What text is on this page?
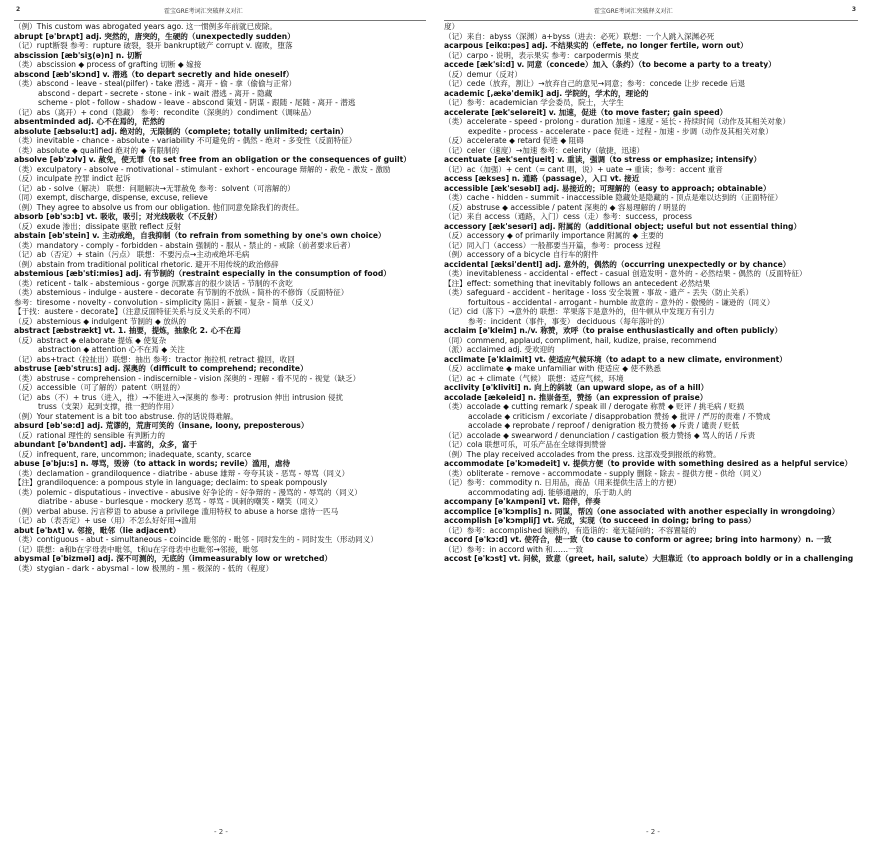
2	霍宝GRE考词汇突破释义对汇	霍宝GRE考词汇突破释义对汇	3
（例）This custom was abrogated years ago. 这一惯例多年前就已废除。
abrupt [ə'brʌpt] adj. 突然的，唐突的，生硬的（unexpectedly sudden）
（记）rupt断裂 参考：rupture 破裂，裂开 bankrupt破产 corrupt v. 腐败，堕落
abscission [æb'siʒ(ə)n] n. 切断
（类）abscission ◆ process of grafting 切断 ◆ 嫁接
abscond [æb'skɔnd] v. 潜逃（to depart secretly and hide oneself）
（类）abscond - leave - steal(pilfer) - take 潜逃 - 离开 - 偷 - 拿（偷偷与正常）
abscond - depart - secrete - stone - ink - wait 潜逃 - 离开 - 隐藏
scheme - plot - follow - shadow - leave - abscond 策划 - 阴谋 - 跟随 - 尾随 - 离开 - 潜逃
（记）abs（离开）+ cond（隐藏） 参考：recondite（深奥的）condiment（调味品）
absentminded adj. 心不在焉的，茫然的
absolute [æbsəlu:t] adj. 绝对的，无限制的（complete; totally unlimited; certain）
（类）inevitable - chance - absolute - variability 不可避免的 - 偶然 - 绝对 - 多变性（反面特征）
（类）absolute ◆ qualified 绝对的 ◆ 有限制的
absolve [əb'zɔlv] v. 赦免，使无罪（to set free from an obligation or the consequences of guilt）
（类）exculpatory - absolve - motivational - stimulant - exhort - encourage 辩解的 - 赦免 - 激发 - 激励
（反）inculpate 控罪 indict 起诉
（记）ab - solve（解决） 联想：问题解决→无罪赦免 参考：solvent（可溶解的）
（同）exempt, discharge, dispense, excuse, relieve
（例）They agree to absolve us from our obligation. 他们同意免除我们的责任。
absorb [əb'sɔ:b] vt. 吸收，吸引；对光线吸收（不反射）
（反）exude 渗出；dissipate 驱散 reflect 反射
abstain [əb'stein] v. 主动戒绝，自我抑制（to refrain from something by one's own choice）
（类）mandatory - comply - forbidden - abstain 强制的 - 服从 - 禁止的 - 戒除（前者要求后者）
（记）ab（否定）+ stain（污点） 联想：不要污点→主动戒绝坏毛病
（例）abstain from traditional political rhetoric. 避开不用传统的政治修辞
abstemious [æb'sti:miəs] adj. 有节制的（restraint especially in the consumption of food）
（类）reticent - talk - abstemious - gorge 沉默寡言的很少谈话 - 节制的不贪吃
（类）abstemious - indulge - austere - decorate 有节制的不放纵 - 简朴的不修饰（反面特征）
参考：tiresome - novelty - convolution - simplicity 陈旧 - 新颖 - 复杂 - 简单（反义）
【于找：austere - decorate】（注意反面特征关系与反义关系的不同）
（反）abstemious ◆ indulgent 节制的 ◆ 放纵的
abstract [æbstrækt] vt. 1. 抽要，提炼，抽象化 2. 心不在焉
（反）abstract ◆ elaborate 提炼 ◆ 使复杂
abstraction ◆ attention 心不在焉 ◆ 关注
（记）abs+tract（拉扯出）联想：抽出 参考：tractor 拖拉机 retract 撤回，收回
abstruse [æb'stru:s] adj. 深奥的（difficult to comprehend; recondite）
（类）abstruse - comprehension - indiscernible - vision 深奥的 - 理解 - 看不见的 - 视觉（缺乏）
（反）accessible（可了解的）patent（明显的）
（记）abs（不）+ trus（进入，推）→不能进入→深奥的 参考：protrusion 伸出 intrusion 侵扰
truss（支架）起到支撑，推一把的作用）
（例）Your statement is a bit too abstruse. 你的话说得难解。
absurd [əb'sə:d] adj. 荒谬的，荒唐可笑的（insane, loony, preposterous）
（反）rational 理性的 sensible 有判断力的
abundant [ə'bʌndənt] adj. 丰富的，众多，富于
（反）infrequent, rare, uncommon; inadequate, scanty, scarce
abuse [ə'bju:s] n. 辱骂，毁谤（to attack in words; revile）滥用，虐待
（类）declamation - grandiloquence - diatribe - abuse 雄辩 - 夸夸其谈 - 恶骂 - 辱骂（同义）
【注】grandiloquence: a pompous style in language; declaim: to speak pompously
（类）polemic - disputatious - invective - abusive 好争论的 - 好争辩的 - 漫骂的 - 辱骂的（同义）
diatribe - abuse - burlesque - mockery 恶骂 - 辱骂 - 讽刺的嘲笑 - 嘲笑（同义）
（例）verbal abuse. 污言秽语 to abuse a privilege 滥用特权 to abuse a horse 虐待一匹马
（记）ab（表否定）+ use（用）不怎么好好用→滥用
abut [ə'bʌt] v. 邻接，毗邻（lie adjacent）
（类）contiguous - abut - simultaneous - coincide 毗邻的 - 毗邻 - 同时发生的 - 同时发生（形动同义）
（记）联想：a和b在字母表中毗邻，t和u在字母表中也毗邻→邻接，毗邻
abysmal [ə'bizməl] adj. 深不可测的，无底的（immeasurably low or wretched）
（类）stygian - dark - abysmal - low 极黑的 - 黑 - 极深的 - 低的（程度）
度）
（记）来自：abyss（深渊）a+byss（进去：必死）联想：一个人跳入深渊必死
acarpous [eikɑ:pəs] adj. 不结果实的（effete, no longer fertile, worn out）
（记）carpo - 说明，表示果实 参考：carpodermis 果皮
accede [æk'si:d] v. 同意（concede）加入（条约）（to become a party to a treaty）
（反）demur（反对）
（记）cede（放弃，割让）→放弃自己的意见→同意；参考：concede 让步 recede 后退
academic [,ækə'demik] adj. 学院的，学术的，理论的
（记）参考：academician 学会委员，院士，大学生
accelerate [æk'seləreit] v. 加速，促进（to move faster; gain speed）
（类）accelerate - speed - prolong - duration 加速 - 速度 - 延长 - 持续时间（动作及其相关对象）
expedite - process - accelerate - pace 促进 - 过程 - 加速 - 步调（动作及其相关对象）
（反）accelerate ◆ retard 促进 ◆ 阻碍
（记）celer（速度）→加速 参考：celerity（敏捷，迅速）
accentuate [æk'sentjueit] v. 重读，强调（to stress or emphasize; intensify）
（记）ac（加强）+ cent（= cant 唱，说）+ uate → 重读；参考：accent 重音
access [ækses] n. 通路（passage），入口 vt. 接近
accessible [æk'sesəbl] adj. 易接近的；可理解的（easy to approach; obtainable）
（类）cache - hidden - summit - inaccessible 隐藏处是隐藏的 - 顶点是难以达到的（正面特征）
（反）abstruse ◆ accessible / patent 深奥的 ◆ 容易理解的 / 明显的
（记）来自 access（通路，入门）cess（走）参考：success，process
accessory [æk'sesəri] adj. 附属的（additional object; useful but not essential thing）
（反）accessory ◆ of primarily importance 附属的 ◆ 主要的
（记）同入门（access）一般都要当开篇，参考：process 过程
（例）accessory of a bicycle 自行车的附件
accidental [æksi'dentl] adj. 意外的，偶然的（occurring unexpectedly or by chance）
（类）inevitableness - accidental - effect - casual 创造发明 - 意外的 - 必然结果 - 偶然的（反面特征）
【注】effect: something that inevitably follows an antecedent 必然结果
（类）safeguard - accident - heritage - loss 安全装置 - 事故 - 遗产 - 丢失（防止关系）
fortuitous - accidental - arrogant - humble 故意的 - 意外的 - 傲慢的 - 谦逊的（同义）
（记）cid（落下）→意外的 联想：苹果落下是意外的，但牛顿从中发现万有引力
参考：incident（事件，事变） deciduous（每年落叶的）
acclaim [ə'kleim] n./v. 称赞，欢呼（to praise enthusiastically and often publicly）
（同）commend, applaud, compliment, hail, kudize, praise, recommend
（派）acclaimed adj. 受欢迎的
acclimate [ə'klaimit] vt. 使适应气候环境（to adapt to a new climate, environment）
（反）acclimate ◆ make unfamiliar with 使适应 ◆ 使不熟悉
（记）ac + climate（气候） 联想：适应气候，环境
acclivity [ə'kliviti] n. 向上的斜坡（an upward slope, as of a hill）
accolade [ækəleid] n. 推崇备至，赞扬（an expression of praise）
（类）accolade ◆ cutting remark / speak ill / derogate 称赞 ◆ 贬评 / 挑毛病 / 贬损
accolade ◆ criticism / excoriate / disapprobation 赞扬 ◆ 批评 / 严厉的责难 / 不赞成
accolade ◆ reprobate / reproof / denigration 极力赞扬 ◆ 斥责 / 谴责 / 贬低
（记）accolade ◆ swearword / denunciation / castigation 极力赞扬 ◆ 骂人的话 / 斥责
（记）cola 联想可乐，可乐产品在全球得到赞誉
（例）The play received accolades from the press. 这部戏受到报纸的称赞。
accommodate [ə'kɔmədeit] v. 提供方便（to provide with something desired as a helpful service）
（类）obliterate - remove - accommodate - supply 删除 - 除去 - 提供方便 - 供给（同义）
（记）参考：commodity n. 日用品，商品（用来提供生活上的方便）
accommodating adj. 能够通融的，乐于助人的
accompany [ə'kʌmpəni] vt. 陪伴，伴奏
accomplice [ə'kɔmplis] n. 同谋，帮凶（one associated with another especially in wrongdoing）
accomplish [ə'kɔmpliʃ] vt. 完成，实现（to succeed in doing; bring to pass）
（记）参考：accomplished 娴熟的，有造诣的：毫无疑问的；不容置疑的
accord [ə'kɔ:d] vt. 使符合，使一致（to cause to conform or agree; bring into harmony）n. 一致
（记）参考：in accord with 和……一致
accost [ə'kɔst] vt. 问候，致意（greet, hail, salute）大胆靠近（to approach boldly or in a challenging
- 2 -	- 2 -
